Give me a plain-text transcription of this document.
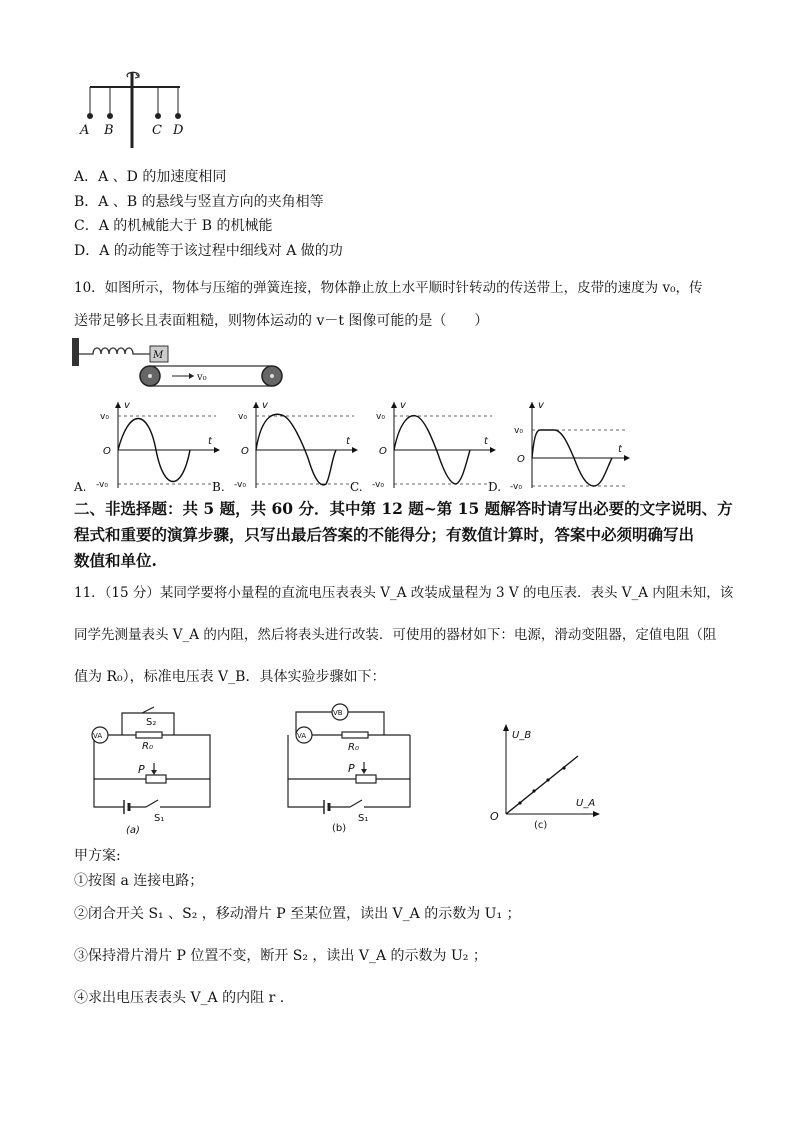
A B	C D
A．A 、D 的加速度相同
B．A 、B 的悬线与竖直方向的夹角相等
C．A 的机械能大于 B 的机械能
D．A 的动能等于该过程中细线对 A 做的功
10．如图所示，物体与压缩的弹簧连接，物体静止放上水平顺时针转动的传送带上，皮带的速度为 v₀，传
送带足够长且表面粗糙，则物体运动的 v－t 图像可能的是（　　）
M
v₀
v
t
O
v₀
-v₀
A.
v
t
O
v₀
-v₀
B.
v
t
O
v₀
-v₀
C.
v
t
O
v₀
-v₀
D.
二、非选择题：共 5 题，共 60 分．其中第 12 题~第 15 题解答时请写出必要的文字说明、方
程式和重要的演算步骤，只写出最后答案的不能得分；有数值计算时，答案中必须明确写出
数值和单位.
11．（15 分）某同学要将小量程的直流电压表表头 V_A 改装成量程为 3 V 的电压表．表头 V_A 内阻未知，该
同学先测量表头 V_A 的内阻，然后将表头进行改装．可使用的器材如下：电源，滑动变阻器，定值电阻（阻
值为 R₀），标准电压表 V_B．具体实验步骤如下：
S₂
R₀
VA
P
S₁
(a)
VB
VA
R₀
P
S₁
(b)
U_B
U_A
O
(c)
甲方案:
①按图 a 连接电路；
②闭合开关 S₁ 、S₂ ，移动滑片 P 至某位置，读出 V_A 的示数为 U₁ ；
③保持滑片滑片 P 位置不变，断开 S₂ ，读出 V_A 的示数为 U₂ ；
④求出电压表表头 V_A 的内阻 r .
